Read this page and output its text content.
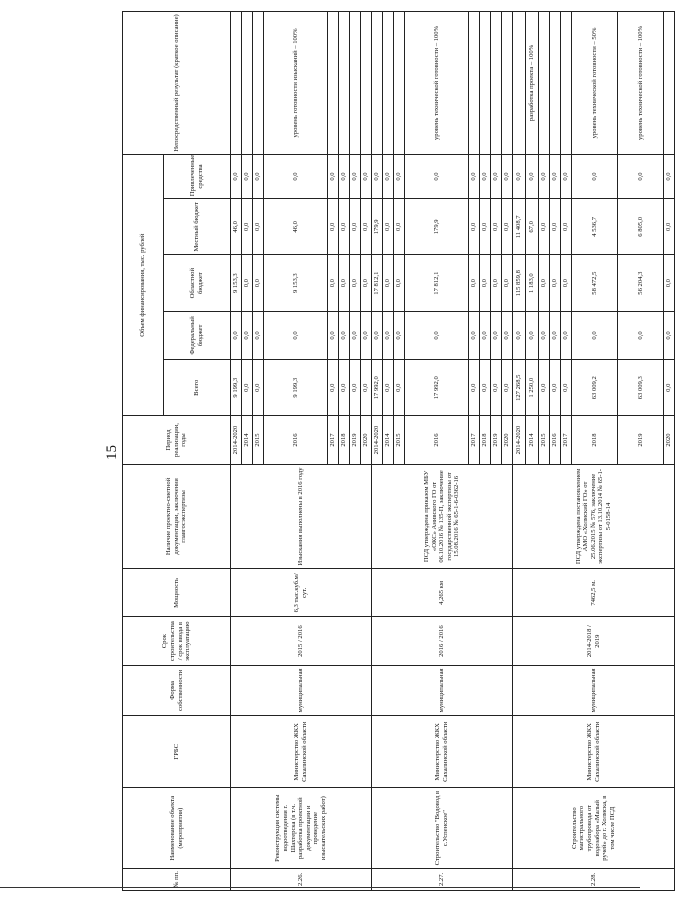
15
№ пп.	Наименование объекта (мероприятия)	ГРБС	Форма собственности	Срок строительства / срок ввода в эксплуатацию	Мощность	Наличие проектно-сметной документации, заключения главгосэкспертизы	Период реализации, годы	Объем финансирования, тыс. рублей					Непосредственный результат (краткое описание)
								Всего	Федеральный бюджет	Областной бюджет	Местный бюджет	Привлеченные средства	
2.26.	Реконструкция системы водоотведения г. Шахтерска (в т.ч. разработка проектной документации и проведение изыскательских работ)	Министерство ЖКХ Сахалинской области	муниципальная	2015 / 2016	6,3 тыс.куб.м/сут.	Изыскания выполнены в 2016 году	2014-2020	9 199,3	0,0	9 153,3	46,0	0,0	
							2014	0,0	0,0	0,0	0,0	0,0	
							2015	0,0	0,0	0,0	0,0	0,0	
							2016	9 199,3	0,0	9 153,3	46,0	0,0	уровень готовности изысканий – 100%
							2017	0,0	0,0	0,0	0,0	0,0	
							2018	0,0	0,0	0,0	0,0	0,0	
							2019	0,0	0,0	0,0	0,0	0,0	
							2020	0,0	0,0	0,0	0,0	0,0	
2.27.	Строительство "Водовод в с.Успенское"	Министерство ЖКХ Сахалинской области	муниципальная	2016 / 2016	4,265 км	ПСД утверждена приказом МБУ «ОКС» Анивского ГО от 06.10.2016 № 135-П, заключение государственной экспертизы от 15.08.2016 № 65-1-6-0362-16	2014-2020	17 992,0	0,0	17 812,1	179,9	0,0	
							2014	0,0	0,0	0,0	0,0	0,0	
							2015	0,0	0,0	0,0	0,0	0,0	
							2016	17 992,0	0,0	17 812,1	179,9	0,0	уровень технической готовности – 100%
							2017	0,0	0,0	0,0	0,0	0,0	
							2018	0,0	0,0	0,0	0,0	0,0	
							2019	0,0	0,0	0,0	0,0	0,0	
							2020	0,0	0,0	0,0	0,0	0,0	
2.28.	Строительство магистрального трубопровода от водозабора «Малый ручей» до г. Холмска, в том числе ПСД	Министерство ЖКХ Сахалинской области	муниципальная	2014-2018 / 2019	7462,5 м.	ПСД утверждена постановлением АМО «Холмский ГО» от 25.06.2015 № 576, заключение экспертизы от 13.10.2014 № 65-1-5-0158-14	2014-2020	127 268,5	0,0	115 859,8	11 408,7	0,0	
							2014	1 250,0	0,0	1 183,0	67,0	0,0	разработка проекта – 100%
							2015	0,0	0,0	0,0	0,0	0,0	
							2016	0,0	0,0	0,0	0,0	0,0	
							2017	0,0	0,0	0,0	0,0	0,0	
							2018	63 009,2	0,0	58 472,5	4 536,7	0,0	уровень технической готовности – 50%
							2019	63 009,3	0,0	56 204,3	6 805,0	0,0	уровень технической готовности – 100%
							2020	0,0	0,0	0,0	0,0	0,0	
